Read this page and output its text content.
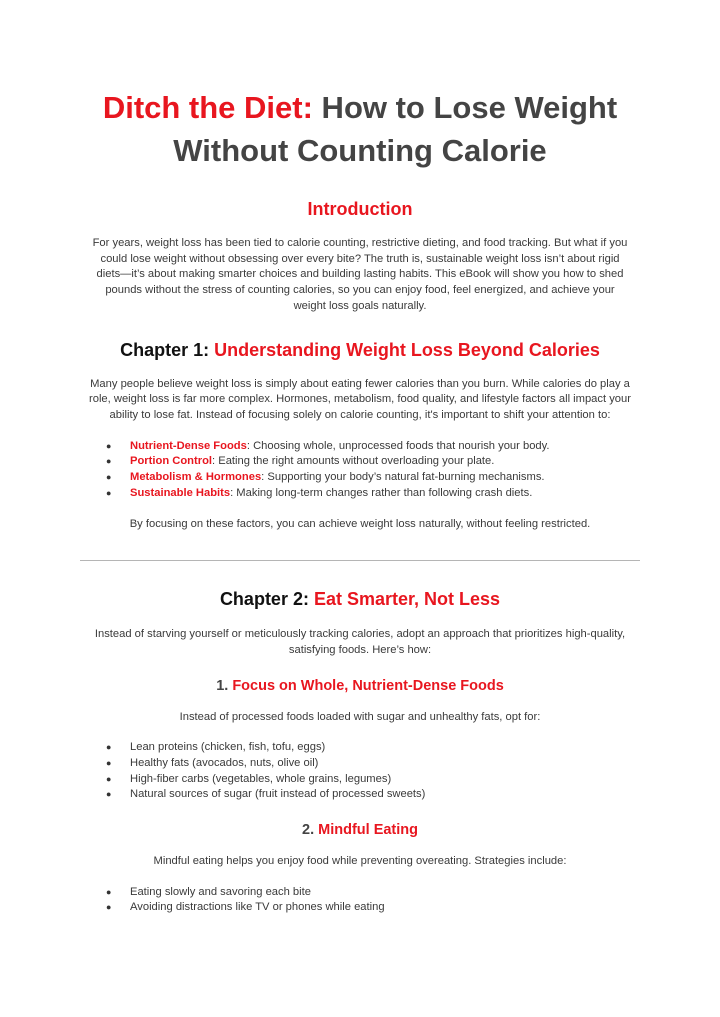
Ditch the Diet: How to Lose Weight
Without Counting Calorie
Introduction

For years, weight loss has been tied to calorie counting, restrictive dieting, and food tracking. But what if you could lose weight without obsessing over every bite? The truth is, sustainable weight loss isn’t about rigid diets—it’s about making smarter choices and building lasting habits. This eBook will show you how to shed pounds without the stress of counting calories, so you can enjoy food, feel energized, and achieve your weight loss goals naturally.

Chapter 1: Understanding Weight Loss Beyond Calories

Many people believe weight loss is simply about eating fewer calories than you burn. While calories do play a role, weight loss is far more complex. Hormones, metabolism, food quality, and lifestyle factors all impact your ability to lose fat. Instead of focusing solely on calorie counting, it's important to shift your attention to:

● Nutrient-Dense Foods: Choosing whole, unprocessed foods that nourish your body.
● Portion Control: Eating the right amounts without overloading your plate.
● Metabolism & Hormones: Supporting your body’s natural fat-burning mechanisms.
● Sustainable Habits: Making long-term changes rather than following crash diets.

By focusing on these factors, you can achieve weight loss naturally, without feeling restricted.

Chapter 2: Eat Smarter, Not Less

Instead of starving yourself or meticulously tracking calories, adopt an approach that prioritizes high-quality, satisfying foods. Here’s how:

1. Focus on Whole, Nutrient-Dense Foods

Instead of processed foods loaded with sugar and unhealthy fats, opt for:

● Lean proteins (chicken, fish, tofu, eggs)
● Healthy fats (avocados, nuts, olive oil)
● High-fiber carbs (vegetables, whole grains, legumes)
● Natural sources of sugar (fruit instead of processed sweets)
2. Mindful Eating

Mindful eating helps you enjoy food while preventing overeating. Strategies include:

● Eating slowly and savoring each bite
● Avoiding distractions like TV or phones while eating
